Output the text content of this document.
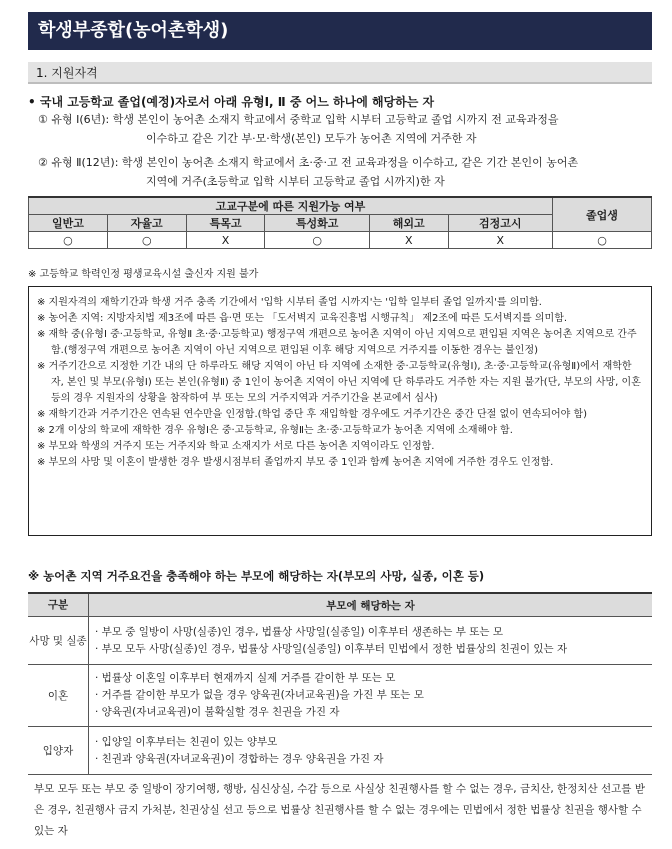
학생부종합(농어촌학생)
1. 지원자격
• 국내 고등학교 졸업(예정)자로서 아래 유형Ⅰ, Ⅱ 중 어느 하나에 해당하는 자
① 유형 Ⅰ(6년): 학생 본인이 농어촌 소재지 학교에서 중학교 입학 시부터 고등학교 졸업 시까지 전 교육과정을
이수하고 같은 기간 부·모·학생(본인) 모두가 농어촌 지역에 거주한 자
② 유형 Ⅱ(12년): 학생 본인이 농어촌 소재지 학교에서 초·중·고 전 교육과정을 이수하고, 같은 기간 본인이 농어촌
지역에 거주(초등학교 입학 시부터 고등학교 졸업 시까지)한 자
고교구분에 따른 지원가능 여부						졸업생
일반고	자율고	특목고	특성화고	해외고	검정고시	
○	○	X	○	X	X	○
※ 고등학교 학력인정 평생교육시설 출신자 지원 불가
※ 지원자격의 재학기간과 학생 거주 충족 기간에서 '입학 시부터 졸업 시까지'는 '입학 일부터 졸업 일까지'를 의미함.
※ 농어촌 지역: 지방자치법 제3조에 따른 읍·면 또는 「도서벽지 교육진흥법 시행규칙」 제2조에 따른 도서벽지를 의미함.
※ 재학 중(유형Ⅰ 중·고등학교, 유형Ⅱ 초·중·고등학교) 행정구역 개편으로 농어촌 지역이 아닌 지역으로 편입된 지역은 농어촌 지역으로 간주함.(행정구역 개편으로 농어촌 지역이 아닌 지역으로 편입된 이후 해당 지역으로 거주지를 이동한 경우는 불인정)
※ 거주기간으로 지정한 기간 내의 단 하루라도 해당 지역이 아닌 타 지역에 소재한 중·고등학교(유형Ⅰ), 초·중·고등학교(유형Ⅱ)에서 재학한 자, 본인 및 부모(유형Ⅰ) 또는 본인(유형Ⅱ) 중 1인이 농어촌 지역이 아닌 지역에 단 하루라도 거주한 자는 지원 불가(단, 부모의 사망, 이혼 등의 경우 지원자의 상황을 참작하여 부 또는 모의 거주지역과 거주기간을 본교에서 심사)
※ 재학기간과 거주기간은 연속된 연수만을 인정함.(학업 중단 후 재입학할 경우에도 거주기간은 중간 단절 없이 연속되어야 함)
※ 2개 이상의 학교에 재학한 경우 유형Ⅰ은 중·고등학교, 유형Ⅱ는 초·중·고등학교가 농어촌 지역에 소재해야 함.
※ 부모와 학생의 거주지 또는 거주지와 학교 소재지가 서로 다른 농어촌 지역이라도 인정함.
※ 부모의 사망 및 이혼이 발생한 경우 발생시점부터 졸업까지 부모 중 1인과 함께 농어촌 지역에 거주한 경우도 인정함.
※ 농어촌 지역 거주요건을 충족해야 하는 부모에 해당하는 자(부모의 사망, 실종, 이혼 등)
구분	부모에 해당하는 자
사망 및 실종	· 부모 중 일방이 사망(실종)인 경우, 법률상 사망일(실종일) 이후부터 생존하는 부 또는 모
· 부모 모두 사망(실종)인 경우, 법률상 사망일(실종일) 이후부터 민법에서 정한 법률상의 친권이 있는 자

이혼	· 법률상 이혼일 이후부터 현재까지 실제 거주를 같이한 부 또는 모
· 거주를 같이한 부모가 없을 경우 양육권(자녀교육권)을 가진 부 또는 모
· 양육권(자녀교육권)이 불확실할 경우 친권을 가진 자

입양자	· 입양일 이후부터는 친권이 있는 양부모
· 친권과 양육권(자녀교육권)이 경합하는 경우 양육권을 가진 자

부모 모두 또는 부모 중 일방이 장기여행, 행방, 심신상실, 수감 등으로 사실상 친권행사를 할 수 없는 경우, 금치산, 한정치산 선고를 받은 경우, 친권행사 금지 가처분, 친권상실 선고 등으로 법률상 친권행사를 할 수 없는 경우에는 민법에서 정한 법률상 친권을 행사할 수 있는 자	
